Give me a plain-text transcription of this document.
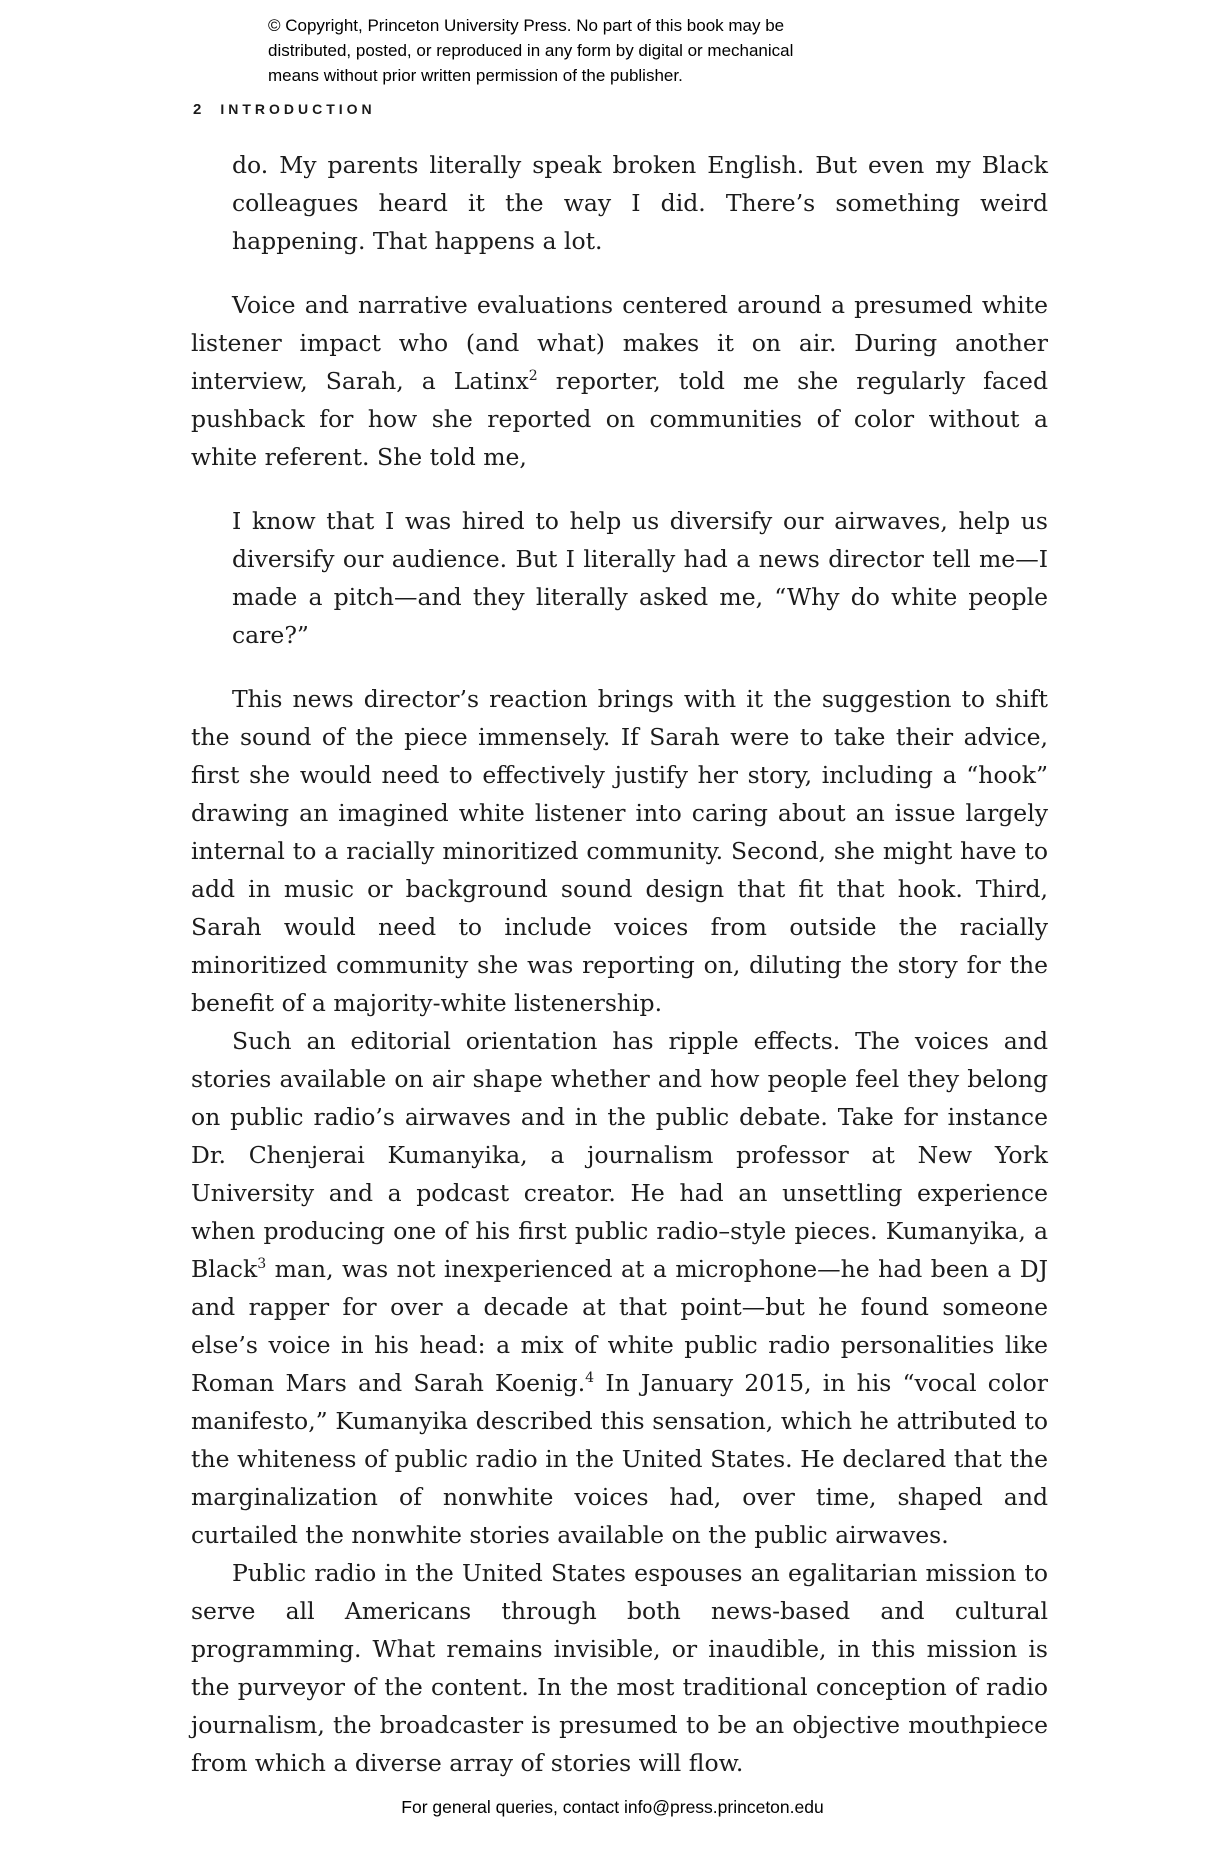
© Copyright, Princeton University Press. No part of this book may be
distributed, posted, or reproduced in any form by digital or mechanical
means without prior written permission of the publisher.
2 INTRODUCTION

do. My parents literally speak broken English. But even my Black colleagues heard it the way I did. There’s something weird happening. That happens a lot.

Voice and narrative evaluations centered around a presumed white listener impact who (and what) makes it on air. During another interview, Sarah, a Latinx$^2$ reporter, told me she regularly faced pushback for how she reported on communities of color without a white referent. She told me,

I know that I was hired to help us diversify our airwaves, help us diversify our audience. But I literally had a news director tell me—I made a pitch—and they literally asked me, “Why do white people care?”

This news director’s reaction brings with it the suggestion to shift the sound of the piece immensely. If Sarah were to take their advice, first she would need to effectively justify her story, including a “hook” drawing an imagined white listener into caring about an issue largely internal to a racially minoritized community. Second, she might have to add in music or background sound design that fit that hook. Third, Sarah would need to include voices from outside the racially minoritized community she was reporting on, diluting the story for the benefit of a majority-white listenership.

Such an editorial orientation has ripple effects. The voices and stories available on air shape whether and how people feel they belong on public radio’s airwaves and in the public debate. Take for instance Dr. Chenjerai Kumanyika, a journalism professor at New York University and a podcast creator. He had an unsettling experience when producing one of his first public radio–style pieces. Kumanyika, a Black$^3$ man, was not inexperienced at a microphone—he had been a DJ and rapper for over a decade at that point—but he found someone else’s voice in his head: a mix of white public radio personalities like Roman Mars and Sarah Koenig.$^4$ In January 2015, in his “vocal color manifesto,” Kumanyika described this sensation, which he attributed to the whiteness of public radio in the United States. He declared that the marginalization of nonwhite voices had, over time, shaped and curtailed the nonwhite stories available on the public airwaves.

Public radio in the United States espouses an egalitarian mission to serve all Americans through both news-based and cultural programming. What remains invisible, or inaudible, in this mission is the purveyor of the content. In the most traditional conception of radio journalism, the broadcaster is presumed to be an objective mouthpiece from which a diverse array of stories will flow.

For general queries, contact info@press.princeton.edu
